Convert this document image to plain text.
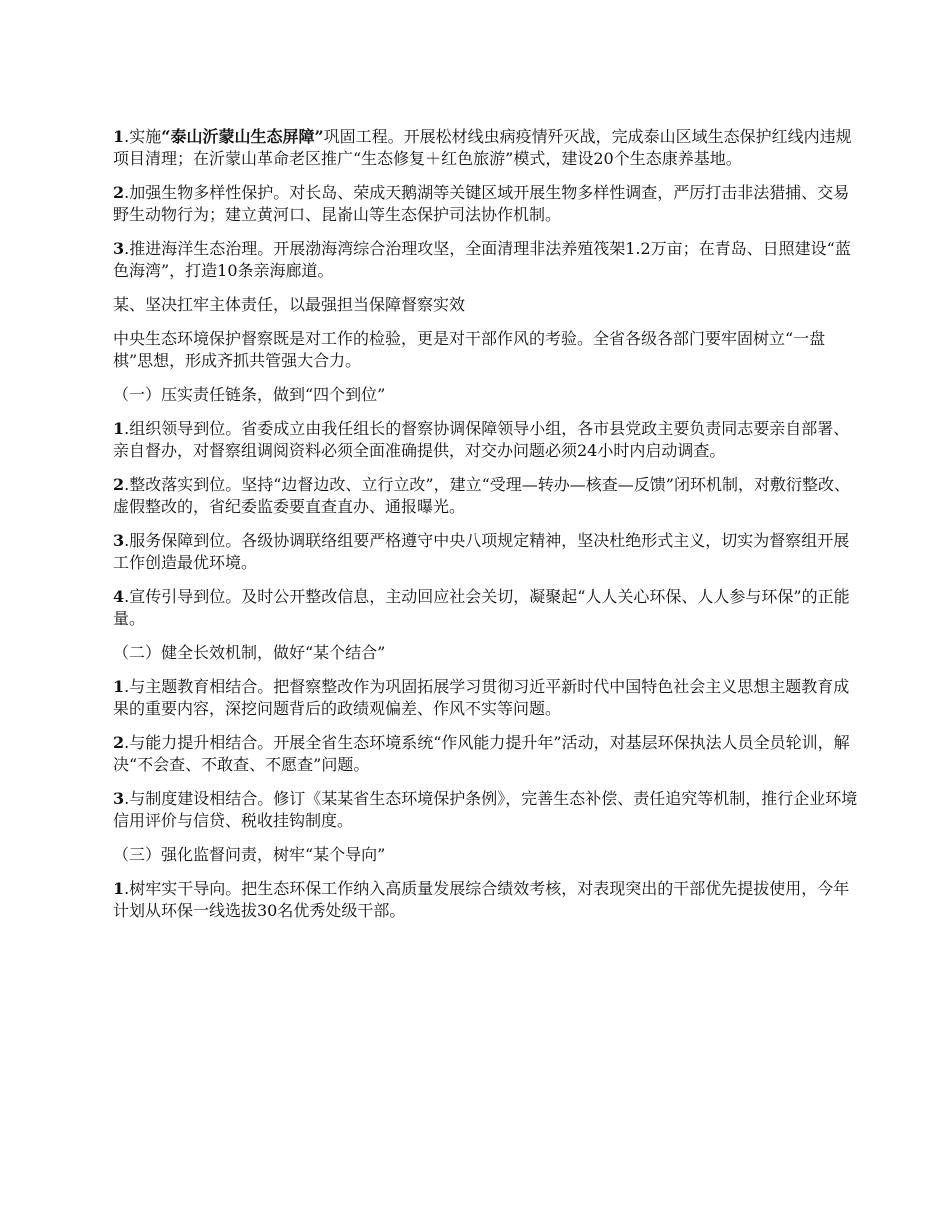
1.实施“泰山沂蒙山生态屏障”巩固工程。开展松材线虫病疫情歼灭战，完成泰山区域生态保护红线内违规项目清理；在沂蒙山革命老区推广“生态修复＋红色旅游”模式，建设20个生态康养基地。

2.加强生物多样性保护。对长岛、荣成天鹅湖等关键区域开展生物多样性调查，严厉打击非法猎捕、交易野生动物行为；建立黄河口、昆嵛山等生态保护司法协作机制。

3.推进海洋生态治理。开展渤海湾综合治理攻坚，全面清理非法养殖筏架1.2万亩；在青岛、日照建设“蓝色海湾”，打造10条亲海廊道。

某、坚决扛牢主体责任，以最强担当保障督察实效

中央生态环境保护督察既是对工作的检验，更是对干部作风的考验。全省各级各部门要牢固树立“一盘棋”思想，形成齐抓共管强大合力。

（一）压实责任链条，做到“四个到位”

1.组织领导到位。省委成立由我任组长的督察协调保障领导小组，各市县党政主要负责同志要亲自部署、亲自督办，对督察组调阅资料必须全面准确提供，对交办问题必须24小时内启动调查。

2.整改落实到位。坚持“边督边改、立行立改”，建立“受理—转办—核查—反馈”闭环机制，对敷衍整改、虚假整改的，省纪委监委要直查直办、通报曝光。

3.服务保障到位。各级协调联络组要严格遵守中央八项规定精神，坚决杜绝形式主义，切实为督察组开展工作创造最优环境。

4.宣传引导到位。及时公开整改信息，主动回应社会关切，凝聚起“人人关心环保、人人参与环保”的正能量。

（二）健全长效机制，做好“某个结合”

1.与主题教育相结合。把督察整改作为巩固拓展学习贯彻习近平新时代中国特色社会主义思想主题教育成果的重要内容，深挖问题背后的政绩观偏差、作风不实等问题。

2.与能力提升相结合。开展全省生态环境系统“作风能力提升年”活动，对基层环保执法人员全员轮训，解决“不会查、不敢查、不愿查”问题。

3.与制度建设相结合。修订《某某省生态环境保护条例》，完善生态补偿、责任追究等机制，推行企业环境信用评价与信贷、税收挂钩制度。

（三）强化监督问责，树牢“某个导向”

1.树牢实干导向。把生态环保工作纳入高质量发展综合绩效考核，对表现突出的干部优先提拔使用，今年计划从环保一线选拔30名优秀处级干部。
